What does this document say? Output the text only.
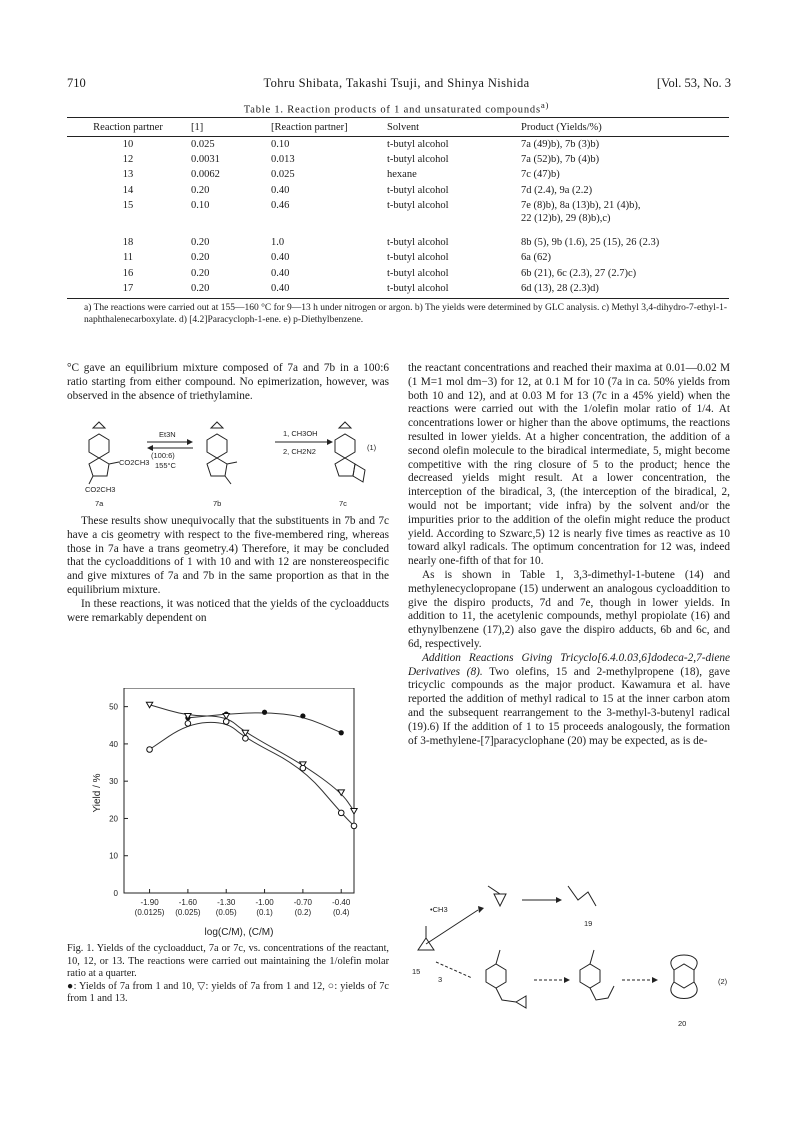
710	Tohru Shibata, Takashi Tsuji, and Shinya Nishida	[Vol. 53, No. 3
Table 1. Reaction products of 1 and unsaturated compounds$^{a)}$
Reaction partner	[1]	[Reaction partner]	Solvent	Product (Yields/%)
10	0.025	0.10	t-butyl alcohol	7a (49)b), 7b (3)b)
12	0.0031	0.013	t-butyl alcohol	7a (52)b), 7b (4)b)
13	0.0062	0.025	hexane	7c (47)b)
14	0.20	0.40	t-butyl alcohol	7d (2.4), 9a (2.2)
15	0.10	0.46	t-butyl alcohol	7e (8)b), 8a (13)b), 21 (4)b),
22 (12)b), 29 (8)b),c)
18	0.20	1.0	t-butyl alcohol	8b (5), 9b (1.6), 25 (15), 26 (2.3)
11	0.20	0.40	t-butyl alcohol	6a (62)
16	0.20	0.40	t-butyl alcohol	6b (21), 6c (2.3), 27 (2.7)c)
17	0.20	0.40	t-butyl alcohol	6d (13), 28 (2.3)d)
a) The reactions were carried out at 155—160 °C for 9—13 h under nitrogen or argon. b) The yields were determined by GLC analysis. c) Methyl 3,4-dihydro-7-ethyl-1-naphthalenecarboxylate. d) [4.2]Paracycloph-1-ene. e) p-Diethylbenzene.

°C gave an equilibrium mixture composed of 7a and 7b in a 100:6 ratio starting from either compound. No epimerization, however, was observed in the absence of triethylamine.

CO2CH3
CO2CH3
7a
Et3N
(100:6)
155°C
7b
1, CH3OH
2, CH2N2
7c
(1)

These results show unequivocally that the substituents in 7b and 7c have a cis geometry with respect to the five-membered ring, whereas those in 7a have a trans geometry.4) Therefore, it may be concluded that the cycloadditions of 1 with 10 and with 12 are nonstereospecific and give mixtures of 7a and 7b in the same proportion as that in the equilibrium mixture.

In these reactions, it was noticed that the yields of the cycloadducts were remarkably dependent on

0
10
20
30
40
50
-1.90
(0.0125)
-1.60
(0.025)
-1.30
(0.05)
-1.00
(0.1)
-0.70
(0.2)
-0.40
(0.4)
Yield / %
log(C/M), (C/M)
Fig. 1. Yields of the cycloadduct, 7a or 7c, vs. concentrations of the reactant, 10, 12, or 13. The reactions were carried out maintaining the 1/olefin molar ratio at a quarter.
●: Yields of 7a from 1 and 10, ▽: yields of 7a from 1 and 12, ○: yields of 7c from 1 and 13.

the reactant concentrations and reached their maxima at 0.01—0.02 M (1 M=1 mol dm−3) for 12, at 0.1 M for 10 (7a in ca. 50% yields from both 10 and 12), and at 0.03 M for 13 (7c in a 45% yield) when the reactions were carried out with the 1/olefin molar ratio of 1/4. At concentrations lower or higher than the above optimums, the reactions resulted in lower yields. At a higher concentration, the addition of a second olefin molecule to the biradical intermediate, 5, might become competitive with the ring closure of 5 to the product; hence the decreased yields might result. At a lower concentration, the interception of the biradical, 3, (the interception of the biradical, 2, would not be important; vide infra) by the solvent and/or the impurities prior to the addition of the olefin might reduce the product yield. According to Szwarc,5) 12 is nearly five times as reactive as 10 toward alkyl radicals. The optimum concentration for 12 was, indeed nearly one-fifth of that for 10.

As is shown in Table 1, 3,3-dimethyl-1-butene (14) and methylenecyclopropane (15) underwent an analogous cycloaddition to give the dispiro products, 7d and 7e, though in lower yields. In addition to 11, the acetylenic compounds, methyl propiolate (16) and ethynylbenzene (17),2) also gave the dispiro adducts, 6b and 6c, and 6d, respectively.

Addition Reactions Giving Tricyclo[6.4.0.03,6]dodeca-2,7-diene Derivatives (8). Two olefins, 15 and 2-methylpropene (18), gave tricyclic compounds as the major product. Kawamura et al. have reported the addition of methyl radical to 15 at the inner carbon atom and the subsequent rearrangement to the 3-methyl-3-butenyl radical (19).6) If the addition of 1 to 15 proceeds analogously, the formation of 3-methylene-[7]paracyclophane (20) may be expected, as is de-

•CH3
19
15
3
20
(2)
